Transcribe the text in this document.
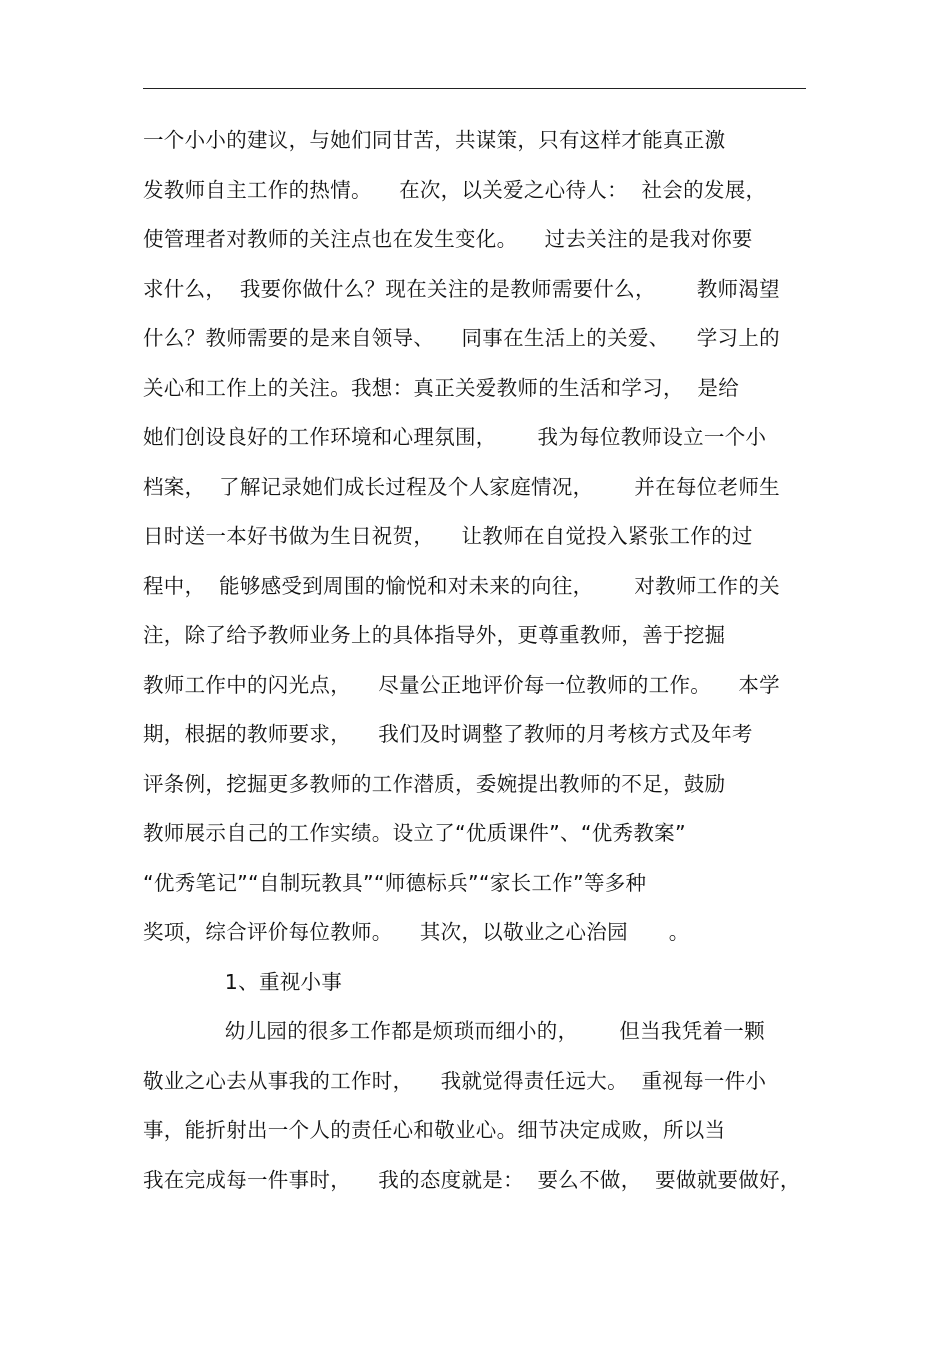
一个小小的建议，与她们同甘苦，共谋策，只有这样才能真正激
发教师自主工作的热情。    在次，以关爱之心待人：  社会的发展，
使管理者对教师的关注点也在发生变化。    过去关注的是我对你要
求什么，  我要你做什么？现在关注的是教师需要什么，      教师渴望
什么？教师需要的是来自领导、    同事在生活上的关爱、    学习上的
关心和工作上的关注。我想：真正关爱教师的生活和学习，  是给
她们创设良好的工作环境和心理氛围，      我为每位教师设立一个小
档案，  了解记录她们成长过程及个人家庭情况，      并在每位老师生
日时送一本好书做为生日祝贺，    让教师在自觉投入紧张工作的过
程中，  能够感受到周围的愉悦和对未来的向往，      对教师工作的关
注，除了给予教师业务上的具体指导外，更尊重教师，善于挖掘
教师工作中的闪光点，    尽量公正地评价每一位教师的工作。    本学
期，根据的教师要求，    我们及时调整了教师的月考核方式及年考
评条例，挖掘更多教师的工作潜质，委婉提出教师的不足，鼓励
教师展示自己的工作实绩。设立了“优质课件”、“优秀教案”
“优秀笔记”“自制玩教具”“师德标兵”“家长工作”等多种
奖项，综合评价每位教师。    其次，以敬业之心治园      。
1、重视小事
幼儿园的很多工作都是烦琐而细小的，      但当我凭着一颗
敬业之心去从事我的工作时，    我就觉得责任远大。  重视每一件小
事，能折射出一个人的责任心和敬业心。细节决定成败，所以当
我在完成每一件事时，    我的态度就是：  要么不做，  要做就要做好，
